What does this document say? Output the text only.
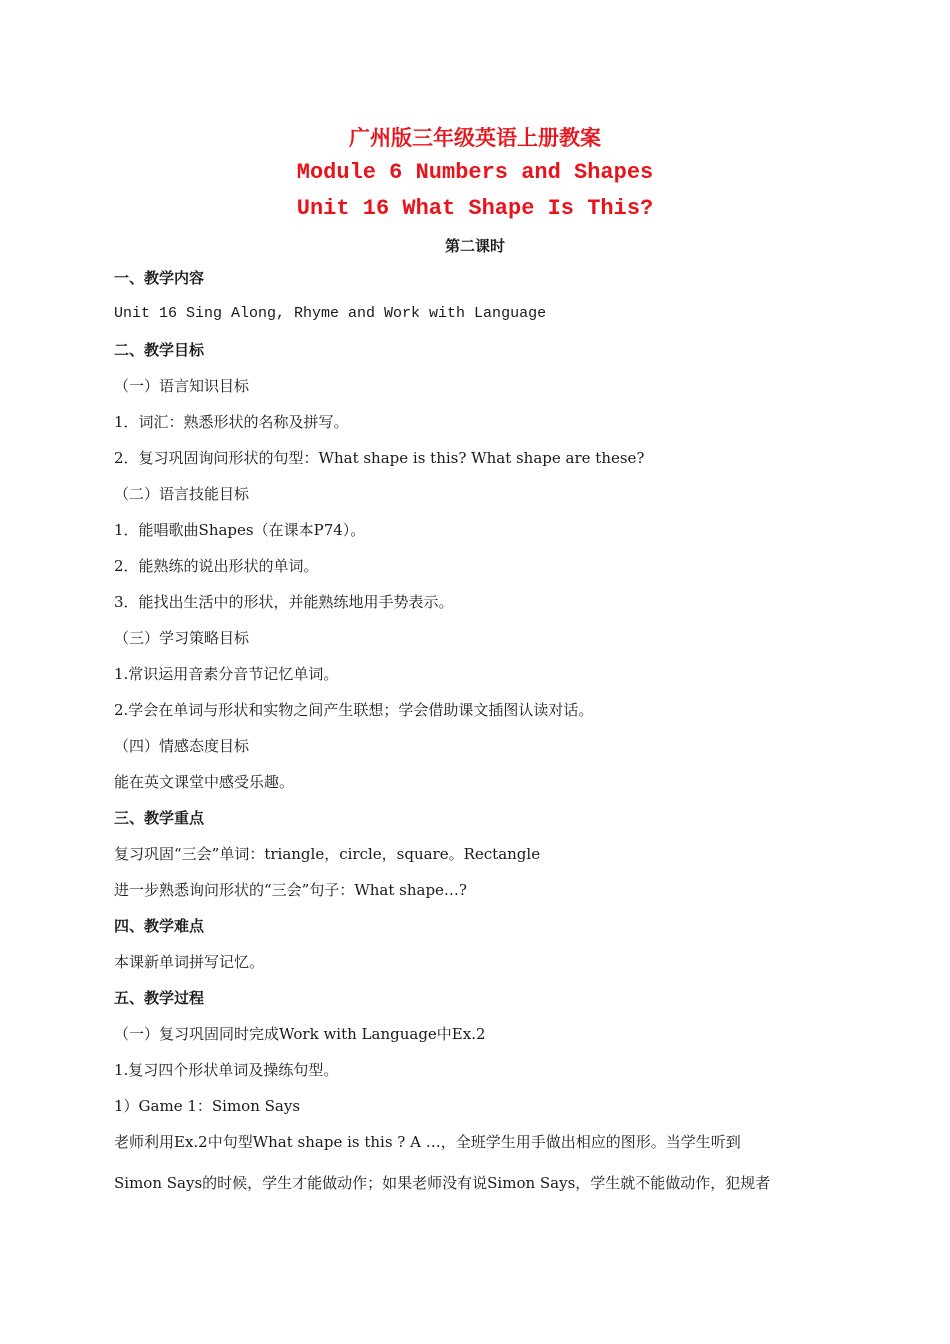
广州版三年级英语上册教案
Module 6 Numbers and Shapes
Unit 16 What Shape Is This?
第二课时
一、教学内容
Unit 16 Sing Along, Rhyme and Work with Language
二、教学目标
（一）语言知识目标
1．词汇：熟悉形状的名称及拼写。
2．复习巩固询问形状的句型：What shape is this? What shape are these?
（二）语言技能目标
1．能唱歌曲Shapes（在课本P74）。
2．能熟练的说出形状的单词。
3．能找出生活中的形状，并能熟练地用手势表示。
（三）学习策略目标
1.常识运用音素分音节记忆单词。
2.学会在单词与形状和实物之间产生联想；学会借助课文插图认读对话。
（四）情感态度目标
能在英文课堂中感受乐趣。
三、教学重点
复习巩固“三会”单词：triangle，circle，square。Rectangle
进一步熟悉询问形状的“三会”句子：What shape…?
四、教学难点
本课新单词拼写记忆。
五、教学过程
（一）复习巩固同时完成Work with Language中Ex.2
1.复习四个形状单词及操练句型。
1）Game 1：Simon Says
老师利用Ex.2中句型What shape is this ? A …，全班学生用手做出相应的图形。当学生听到
Simon Says的时候，学生才能做动作；如果老师没有说Simon Says，学生就不能做动作，犯规者
